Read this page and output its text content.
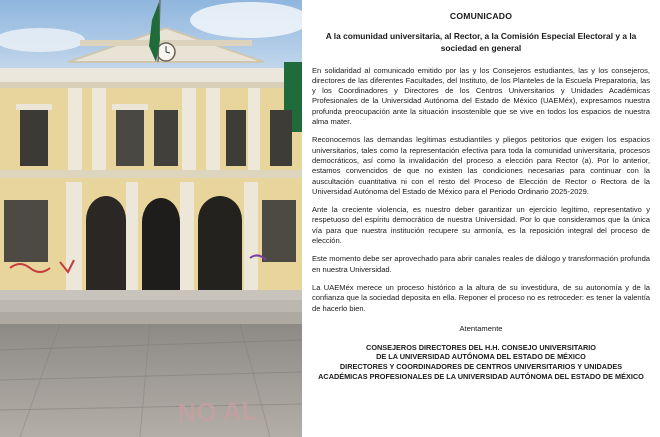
NO AL
COMUNICADO
A la comunidad universitaria, al Rector, a la Comisión Especial Electoral y a la sociedad en general
En solidaridad al comunicado emitido por las y los Consejeros estudiantes, las y los consejeros, directores de las diferentes Facultades, del Instituto, de los Planteles de la Escuela Preparatoria, las y los Coordinadores y Directores de los Centros Universitarios y Unidades Académicas Profesionales de la Universidad Autónoma del Estado de México (UAEMéx), expresamos nuestra profunda preocupación ante la situación insostenible que se vive en todos los espacios de nuestra alma mater.
Reconocemos las demandas legítimas estudiantiles y pliegos petitorios que exigen los espacios universitarios, tales como la representación efectiva para toda la comunidad universitaria, procesos democráticos, así como la invalidación del proceso a elección para Rector (a). Por lo anterior, estamos convencidos de que no existen las condiciones necesarias para continuar con la auscultación cuantitativa ni con el resto del Proceso de Elección de Rector o Rectora de la Universidad Autónoma del Estado de México para el Periodo Ordinario 2025-2029.
Ante la creciente violencia, es nuestro deber garantizar un ejercicio legítimo, representativo y respetuoso del espíritu democrático de nuestra Universidad. Por lo que consideramos que la única vía para que nuestra institución recupere su armonía, es la reposición integral del proceso de elección.
Este momento debe ser aprovechado para abrir canales reales de diálogo y transformación profunda en nuestra Universidad.
La UAEMéx merece un proceso histórico a la altura de su investidura, de su autonomía y de la confianza que la sociedad deposita en ella. Reponer el proceso no es retroceder: es tener la valentía de hacerlo bien.
Atentamente
CONSEJEROS DIRECTORES DEL H.H. CONSEJO UNIVERSITARIO
DE LA UNIVERSIDAD AUTÓNOMA DEL ESTADO DE MÉXICO
DIRECTORES Y COORDINADORES DE CENTROS UNIVERSITARIOS Y UNIDADES ACADÉMICAS PROFESIONALES DE LA UNIVERSIDAD AUTÓNOMA DEL ESTADO DE MÉXICO
